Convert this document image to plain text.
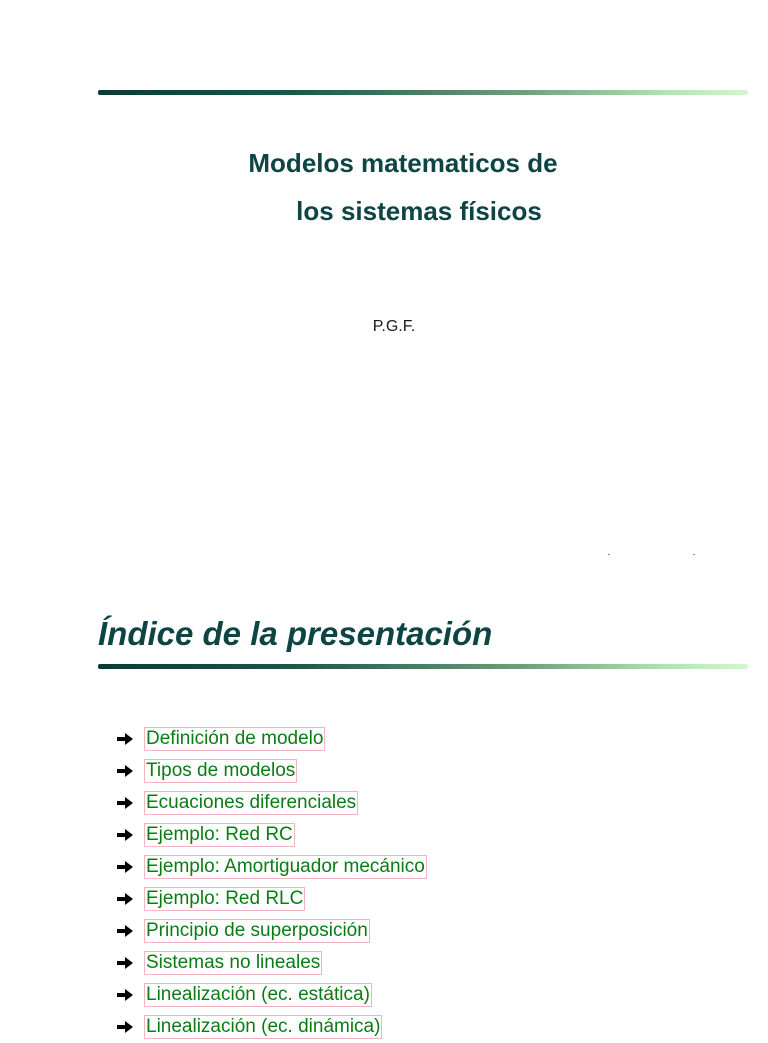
Modelos matematicos de
los sistemas físicos
P.G.F.
Índice de la presentación
Definición de modelo
Tipos de modelos
Ecuaciones diferenciales
Ejemplo: Red RC
Ejemplo: Amortiguador mecánico
Ejemplo: Red RLC
Principio de superposición
Sistemas no lineales
Linealización (ec. estática)
Linealización (ec. dinámica)
